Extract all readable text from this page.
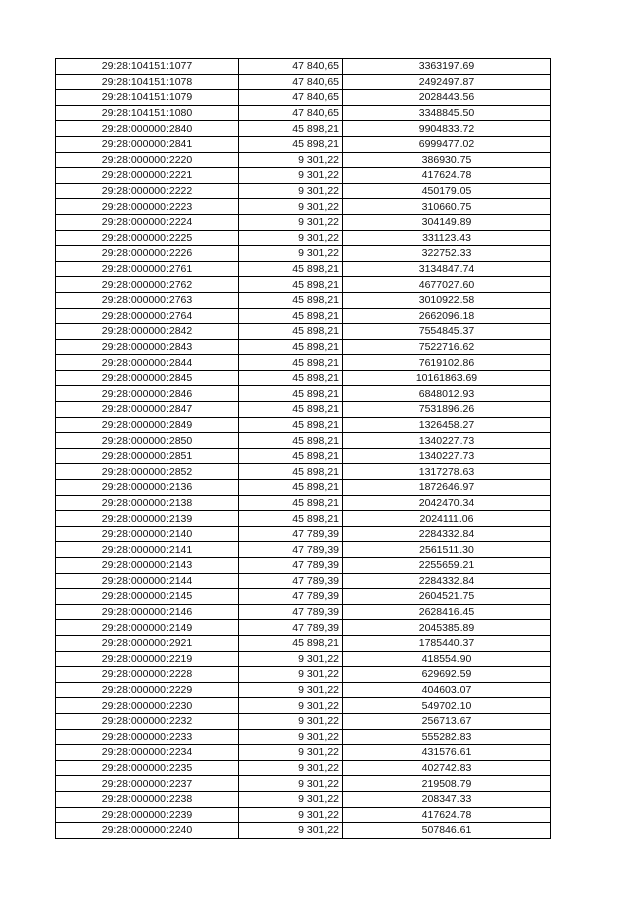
29:28:104151:1077	47 840,65	3363197.69
29:28:104151:1078	47 840,65	2492497.87
29:28:104151:1079	47 840,65	2028443.56
29:28:104151:1080	47 840,65	3348845.50
29:28:000000:2840	45 898,21	9904833.72
29:28:000000:2841	45 898,21	6999477.02
29:28:000000:2220	9 301,22	386930.75
29:28:000000:2221	9 301,22	417624.78
29:28:000000:2222	9 301,22	450179.05
29:28:000000:2223	9 301,22	310660.75
29:28:000000:2224	9 301,22	304149.89
29:28:000000:2225	9 301,22	331123.43
29:28:000000:2226	9 301,22	322752.33
29:28:000000:2761	45 898,21	3134847.74
29:28:000000:2762	45 898,21	4677027.60
29:28:000000:2763	45 898,21	3010922.58
29:28:000000:2764	45 898,21	2662096.18
29:28:000000:2842	45 898,21	7554845.37
29:28:000000:2843	45 898,21	7522716.62
29:28:000000:2844	45 898,21	7619102.86
29:28:000000:2845	45 898,21	10161863.69
29:28:000000:2846	45 898,21	6848012.93
29:28:000000:2847	45 898,21	7531896.26
29:28:000000:2849	45 898,21	1326458.27
29:28:000000:2850	45 898,21	1340227.73
29:28:000000:2851	45 898,21	1340227.73
29:28:000000:2852	45 898,21	1317278.63
29:28:000000:2136	45 898,21	1872646.97
29:28:000000:2138	45 898,21	2042470.34
29:28:000000:2139	45 898,21	2024111.06
29:28:000000:2140	47 789,39	2284332.84
29:28:000000:2141	47 789,39	2561511.30
29:28:000000:2143	47 789,39	2255659.21
29:28:000000:2144	47 789,39	2284332.84
29:28:000000:2145	47 789,39	2604521.75
29:28:000000:2146	47 789,39	2628416.45
29:28:000000:2149	47 789,39	2045385.89
29:28:000000:2921	45 898,21	1785440.37
29:28:000000:2219	9 301,22	418554.90
29:28:000000:2228	9 301,22	629692.59
29:28:000000:2229	9 301,22	404603.07
29:28:000000:2230	9 301,22	549702.10
29:28:000000:2232	9 301,22	256713.67
29:28:000000:2233	9 301,22	555282.83
29:28:000000:2234	9 301,22	431576.61
29:28:000000:2235	9 301,22	402742.83
29:28:000000:2237	9 301,22	219508.79
29:28:000000:2238	9 301,22	208347.33
29:28:000000:2239	9 301,22	417624.78
29:28:000000:2240	9 301,22	507846.61
